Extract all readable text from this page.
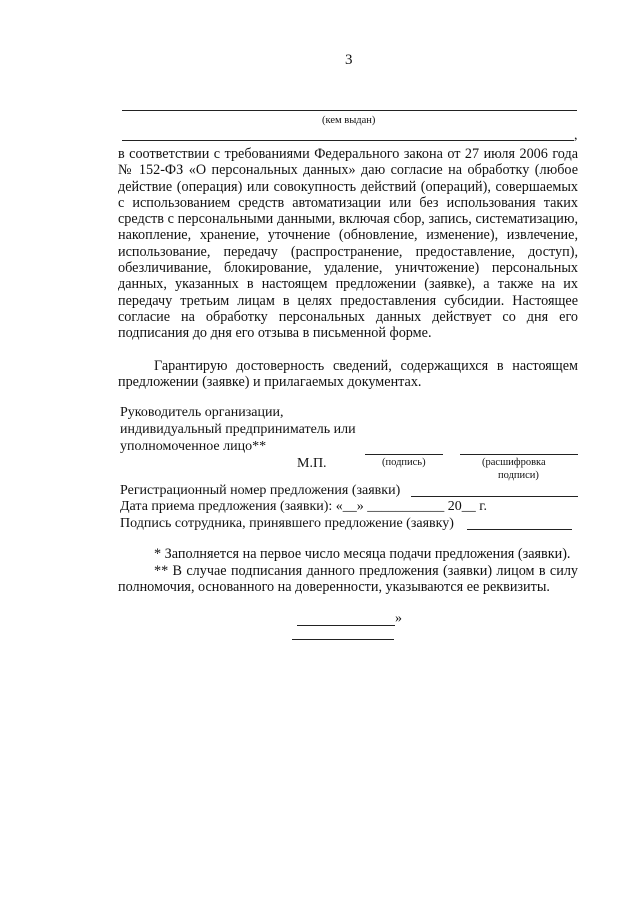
3
(кем выдан)
,
в соответствии с требованиями Федерального закона от 27 июля 2006 года № 152-ФЗ «О персональных данных» даю согласие на обработку (любое действие (операция) или совокупность действий (операций), совершаемых с использованием средств автоматизации или без использования таких средств с персональными данными, включая сбор, запись, систематизацию, накопление, хранение, уточнение (обновление, изменение), извлечение, использование, передачу (распространение, предоставление, доступ), обезличивание, блокирование, удаление, уничтожение) персональных данных, указанных в настоящем предложении (заявке), а также на их передачу третьим лицам в целях предоставления субсидии. Настоящее согласие на обработку персональных данных действует со дня его подписания до дня его отзыва в письменной форме.
Гарантирую достоверность сведений, содержащихся в настоящем предложении (заявке) и прилагаемых документах.
Руководитель организации,
индивидуальный предприниматель или
уполномоченное лицо**
М.П.	(подпись)	(расшифровка
подписи)
Регистрационный номер предложения (заявки)
Дата приема предложения (заявки): «__» ___________ 20__ г.
Подпись сотрудника, принявшего предложение (заявку)
* Заполняется на первое число месяца подачи предложения (заявки).
** В случае подписания данного предложения (заявки) лицом в силу полномочия, основанного на доверенности, указываются ее реквизиты.
»
